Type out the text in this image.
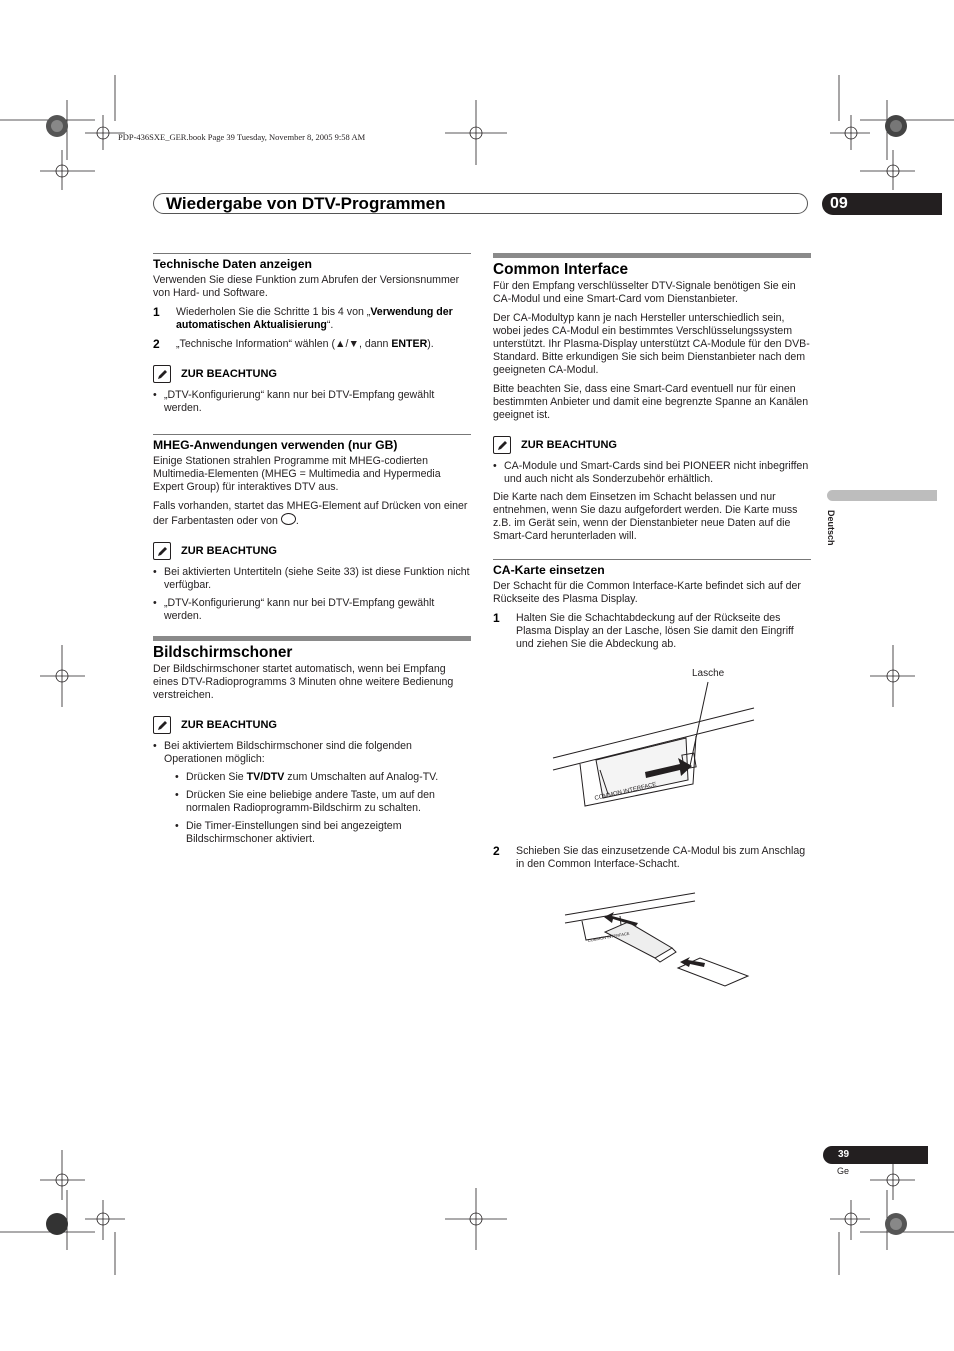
PDP-436SXE_GER.book Page 39 Tuesday, November 8, 2005 9:58 AM
Wiedergabe von DTV-Programmen	09
Deutsch
Technische Daten anzeigen

Verwenden Sie diese Funktion zum Abrufen der Versionsnummer von Hard- und Software.

1	Wiederholen Sie die Schritte 1 bis 4 von „Verwendung der automatischen Aktualisierung“.
2	„Technische Information“ wählen (▲/▼, dann ENTER).
ZUR BEACHTUNG
• „DTV-Konfigurierung“ kann nur bei DTV-Empfang gewählt werden.
MHEG-Anwendungen verwenden (nur GB)

Einige Stationen strahlen Programme mit MHEG-codierten Multimedia-Elementen (MHEG = Multimedia and Hypermedia Expert Group) für interaktives DTV aus.

Falls vorhanden, startet das MHEG-Element auf Drücken von einer der Farbentasten oder von .

ZUR BEACHTUNG
• Bei aktivierten Untertiteln (siehe Seite 33) ist diese Funktion nicht verfügbar.
• „DTV-Konfigurierung“ kann nur bei DTV-Empfang gewählt werden.
Bildschirmschoner

Der Bildschirmschoner startet automatisch, wenn bei Empfang eines DTV-Radioprogramms 3 Minuten ohne weitere Bedienung verstreichen.

ZUR BEACHTUNG
• Bei aktiviertem Bildschirmschoner sind die folgenden Operationen möglich:
• Drücken Sie TV/DTV zum Umschalten auf Analog-TV.
• Drücken Sie eine beliebige andere Taste, um auf den normalen Radioprogramm-Bildschirm zu schalten.
• Die Timer-Einstellungen sind bei angezeigtem Bildschirmschoner aktiviert.
Common Interface

Für den Empfang verschlüsselter DTV-Signale benötigen Sie ein CA-Modul und eine Smart-Card vom Dienstanbieter.

Der CA-Modultyp kann je nach Hersteller unterschiedlich sein, wobei jedes CA-Modul ein bestimmtes Verschlüsselungssystem unterstützt. Ihr Plasma-Display unterstützt CA-Module für den DVB-Standard. Bitte erkundigen Sie sich beim Dienstanbieter nach dem geeigneten CA-Modul.

Bitte beachten Sie, dass eine Smart-Card eventuell nur für einen bestimmten Anbieter und damit eine begrenzte Spanne an Kanälen geeignet ist.

ZUR BEACHTUNG
• CA-Module und Smart-Cards sind bei PIONEER nicht inbegriffen und auch nicht als Sonderzubehör erhältlich.

Die Karte nach dem Einsetzen im Schacht belassen und nur entnehmen, wenn Sie dazu aufgefordert werden. Die Karte muss z.B. im Gerät sein, wenn der Dienstanbieter neue Daten auf die Smart-Card herunterladen will.

CA-Karte einsetzen

Der Schacht für die Common Interface-Karte befindet sich auf der Rückseite des Plasma Display.

1	Halten Sie die Schachtabdeckung auf der Rückseite des Plasma Display an der Lasche, lösen Sie damit den Eingriff und ziehen Sie die Abdeckung ab.
Lasche
COMMON INTERFACE
2	Schieben Sie das einzusetzende CA-Modul bis zum Anschlag in den Common Interface-Schacht.
COMMON INTERFACE
39
Ge
